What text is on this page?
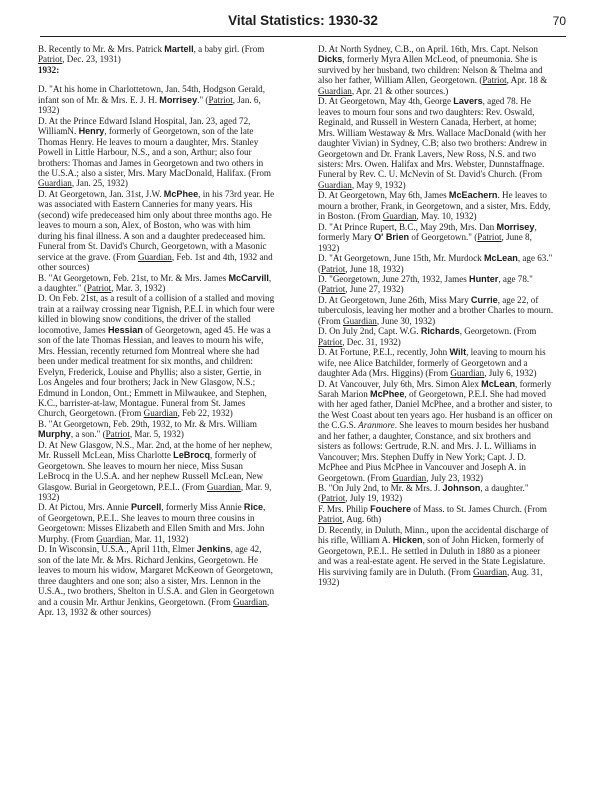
Vital Statistics: 1930-32	70

B. Recently to Mr. & Mrs. Patrick Martell, a baby girl. (From Patriot, Dec. 23, 1931)

1932:

D. "At his home in Charlottetown, Jan. 54th, Hodgson Gerald, infant son of Mr. & Mrs. E. J. H. Morrisey." (Patriot, Jan. 6, 1932)

D. At the Prince Edward Island Hospital, Jan. 23, aged 72, WilliamN. Henry, formerly of Georgetown, son of the late Thomas Henry. He leaves to mourn a daughter, Mrs. Stanley Powell in Little Harbour, N.S., and a son, Arthur; also four brothers: Thomas and James in Georgetown and two others in the U.S.A.; also a sister, Mrs. Mary MacDonald, Halifax. (From Guardian, Jan. 25, 1932)

D. At Georgetown, Jan. 31st, J.W. McPhee, in his 73rd year. He was associated with Eastern Canneries for many years. His (second) wife predeceased him only about three months ago. He leaves to mourn a son, Alex, of Boston, who was with him during his final illness. A son and a daughter predeceased him. Funeral from St. David's Church, Georgetown, with a Masonic service at the grave. (From Guardian, Feb. 1st and 4th, 1932 and other sources)

B. "At Georgetown, Feb. 21st, to Mr. & Mrs. James McCarvill, a daughter." (Patriot, Mar. 3, 1932)

D. On Feb. 21st, as a result of a collision of a stalled and moving train at a railway crossing near Tignish, P.E.I. in which four were killed in blowing snow conditions, the driver of the stalled locomotive, James Hessian of Georgetown, aged 45. He was a son of the late Thomas Hessian, and leaves to mourn his wife, Mrs. Hessian, recently returned fom Montreal where she had been under medical treatment for six months, and children: Evelyn, Frederick, Louise and Phyllis; also a sister, Gertie, in Los Angeles and four brothers; Jack in New Glasgow, N.S.; Edmund in London, Ont.; Emmett in Milwaukee, and Stephen, K.C., barrister-at-law, Montague. Funeral from St. James Church, Georgetown. (From Guardian, Feb 22, 1932)

B. "At Georgetown, Feb. 29th, 1932, to Mr. & Mrs. William Murphy, a son." (Patriot, Mar. 5, 1932)

D. At New Glasgow, N.S., Mar. 2nd, at the home of her nephew, Mr. Russell McLean, Miss Charlotte LeBrocq, formerly of Georgetown. She leaves to mourn her niece, Miss Susan LeBrocq in the U.S.A. and her nephew Russell McLean, New Glasgow. Burial in Georgetown, P.E.I.. (From Guardian, Mar. 9, 1932)

D. At Pictou, Mrs. Annie Purcell, formerly Miss Annie Rice, of Georgetown, P.E.I.. She leaves to mourn three cousins in Georgetown: Misses Elizabeth and Ellen Smith and Mrs. John Murphy. (From Guardian, Mar. 11, 1932)

D. In Wisconsin, U.S.A., April 11th, Elmer Jenkins, age 42, son of the late Mr. & Mrs. Richard Jenkins, Georgetown. He leaves to mourn his widow, Margaret McKeown of Georgetown, three daughters and one son; also a sister, Mrs. Lennon in the U.S.A., two brothers, Shelton in U.S.A. and Glen in Georgetown and a cousin Mr. Arthur Jenkins, Georgetown. (From Guardian, Apr. 13, 1932 & other sources)

D. At North Sydney, C.B., on April. 16th, Mrs. Capt. Nelson Dicks, formerly Myra Allen McLeod, of pneumonia. She is survived by her husband, two children: Nelson & Thelma and also her father, William Allen, Georgetown. (Patriot, Apr. 18 & Guardian, Apr. 21 & other sources.)

D. At Georgetown, May 4th, George Lavers, aged 78. He leaves to mourn four sons and two daughters: Rev. Oswald, Reginald, and Russell in Western Canada, Herbert, at home; Mrs. William Westaway & Mrs. Wallace MacDonald (with her daughter Vivian) in Sydney, C.B; also two brothers: Andrew in Georgetown and Dr. Frank Lavers, New Ross, N.S. and two sisters: Mrs. Owen. Halifax and Mrs. Webster, Dunnstaffnage. Funeral by Rev. C. U. McNevin of St. David's Church. (From Guardian, May 9, 1932)

D. At Georgetown, May 6th, James McEachern. He leaves to mourn a brother, Frank, in Georgetown, and a sister, Mrs. Eddy, in Boston. (From Guardian, May. 10, 1932)

D. "At Prince Rupert, B.C., May 29th, Mrs. Dan Morrisey, formerly Mary O' Brien of Georgetown." (Patriot, June 8, 1932)

D. "At Georgetown, June 15th, Mr. Murdock McLean, age 63." (Patriot, June 18, 1932)

D. "Georgetown, June 27th, 1932, James Hunter, age 78." (Patriot, June 27, 1932)

D. At Georgetown, June 26th, Miss Mary Currie, age 22, of tuberculosis, leaving her mother and a brother Charles to mourn. (From Guardian, June 30, 1932)

D. On July 2nd, Capt. W.G. Richards, Georgetown. (From Patriot, Dec. 31, 1932)

D. At Fortune, P.E.I., recently, John Wilt, leaving to mourn his wife, nee Alice Batchilder, formerly of Georgetown and a daughter Ada (Mrs. Higgins) (From Guardian, July 6, 1932)

D. At Vancouver, July 6th, Mrs. Simon Alex McLean, formerly Sarah Marion McPhee, of Georgetown, P.E.I. She had moved with her aged father, Daniel McPhee, and a brother and sister, to the West Coast about ten years ago. Her husband is an officer on the C.G.S. Aranmore. She leaves to mourn besides her husband and her father, a daughter, Constance, and six brothers and sisters as follows: Gertrude, R.N. and Mrs. J. L. Williams in Vancouver; Mrs. Stephen Duffy in New York; Capt. J. D. McPhee and Pius McPhee in Vancouver and Joseph A. in Georgetown. (From Guardian, July 23, 1932)

B. "On July 2nd, to Mr. & Mrs. J. Johnson, a daughter." (Patriot, July 19, 1932)

F. Mrs. Philip Fouchere of Mass. to St. James Church. (From Patriot, Aug. 6th)

D. Recently, in Duluth, Minn., upon the accidental discharge of his rifle, William A. Hicken, son of John Hicken, formerly of Georgetown, P.E.I.. He settled in Duluth in 1880 as a pioneer and was a real-estate agent. He served in the State Legislature. His surviving family are in Duluth. (From Guardian, Aug. 31, 1932)
